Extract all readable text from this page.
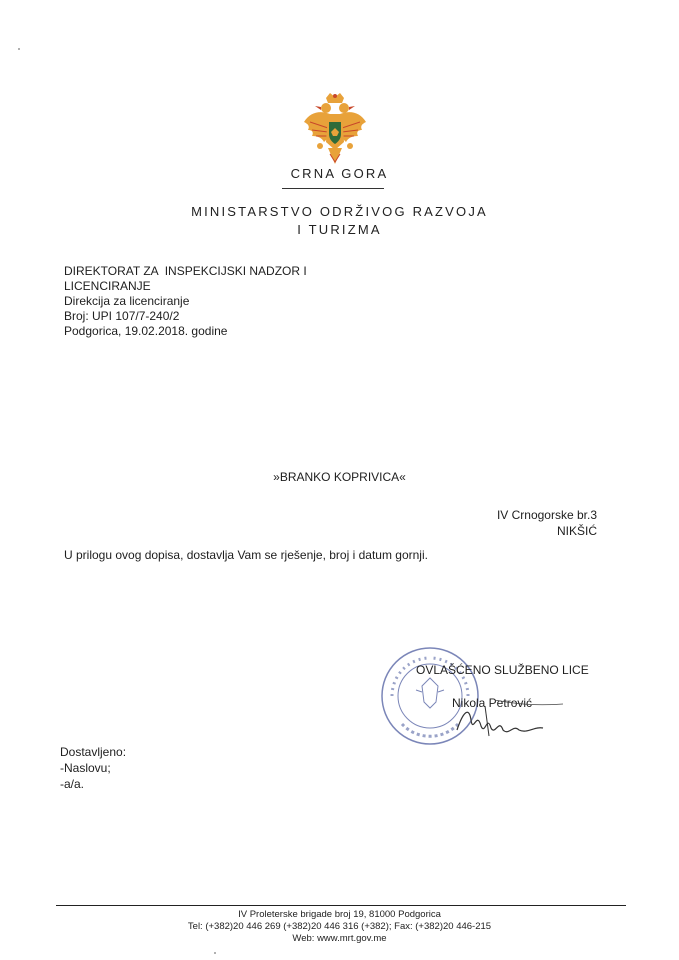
CRNA GORA
MINISTARSTVO ODRŽIVOG RAZVOJA
I TURIZMA
DIREKTORAT ZA  INSPEKCIJSKI NADZOR I
LICENCIRANJE
Direkcija za licenciranje
Broj: UPI 107/7-240/2
Podgorica, 19.02.2018. godine
»BRANKO KOPRIVICA«
IV Crnogorske br.3
NIKŠIĆ
U prilogu ovog dopisa, dostavlja Vam se rješenje, broj i datum gornji.
OVLAŠĆENO SLUŽBENO LICE
Nikola Petrović
Dostavljeno:
-Naslovu;
-a/a.
IV Proleterske brigade broj 19, 81000 Podgorica
Tel: (+382)20 446 269 (+382)20 446 316 (+382); Fax: (+382)20 446-215
Web: www.mrt.gov.me
